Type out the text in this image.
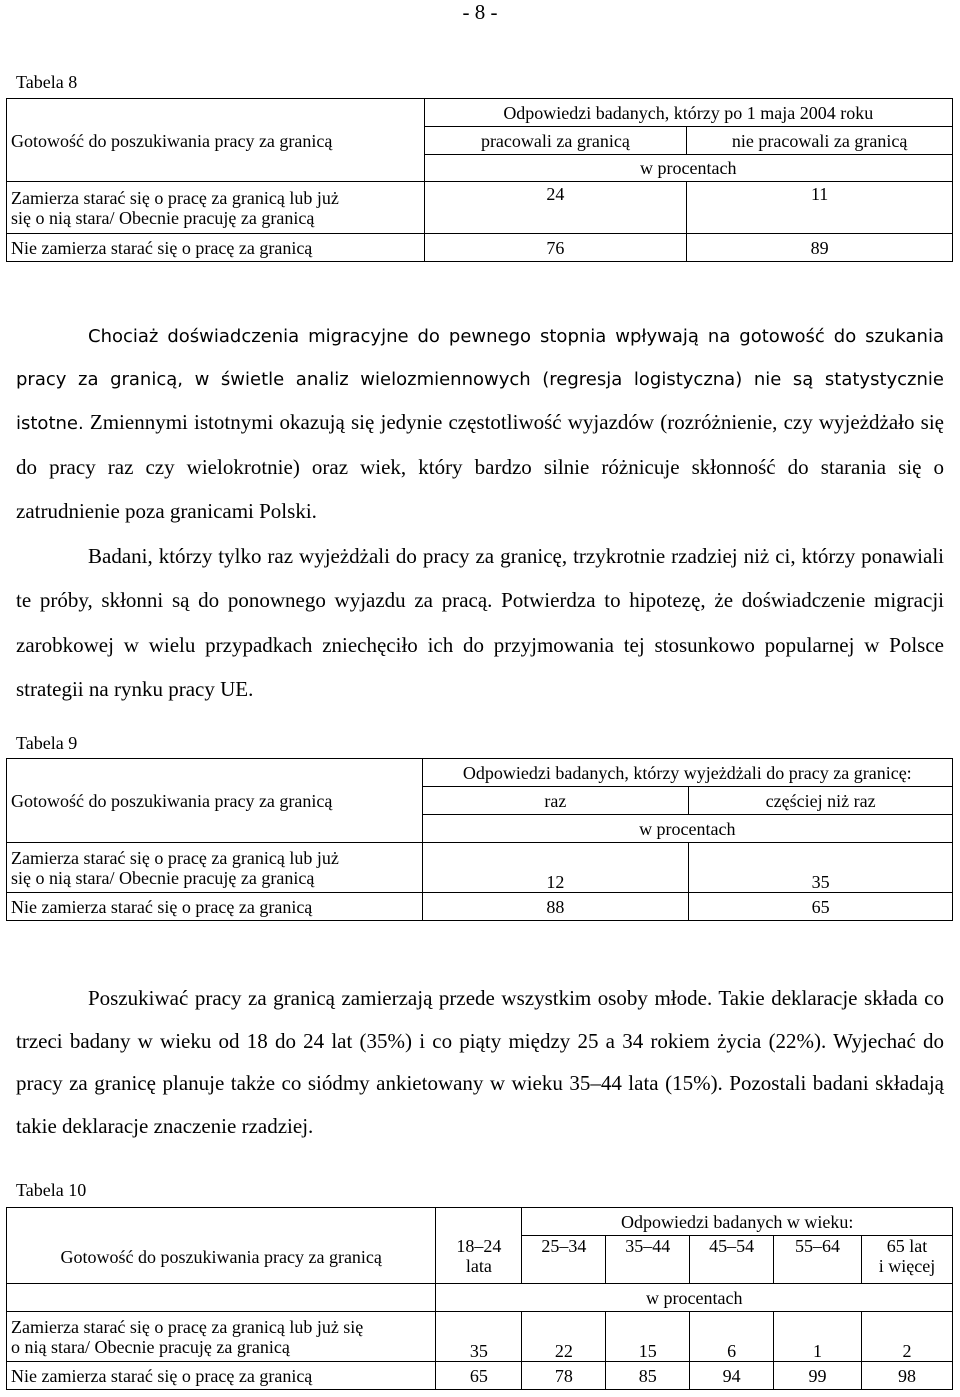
- 8 -
Tabela 8
	Odpowiedzi badanych, którzy po 1 maja 2004 roku	
Gotowość do poszukiwania pracy za granicą	pracowali za granicą	nie pracowali za granicą
	w procentach	
Zamierza starać się o pracę za granicą lub już
się o nią stara/ Obecnie pracuję za granicą	24	11
Nie zamierza starać się o pracę za granicą	76	89

Chociaż doświadczenia migracyjne do pewnego stopnia wpływają na gotowość do szukania pracy za granicą, w świetle analiz wielozmiennowych (regresja logistyczna) nie są statystycznie istotne. Zmiennymi istotnymi okazują się jedynie częstotliwość wyjazdów (rozróżnienie, czy wyjeżdżało się do pracy raz czy wielokrotnie) oraz wiek, który bardzo silnie różnicuje skłonność do starania się o zatrudnienie poza granicami Polski.
Badani, którzy tylko raz wyjeżdżali do pracy za granicę, trzykrotnie rzadziej niż ci, którzy ponawiali te próby, skłonni są do ponownego wyjazdu za pracą. Potwierdza to hipotezę, że doświadczenie migracji zarobkowej w wielu przypadkach zniechęciło ich do przyjmowania tej stosunkowo popularnej w Polsce strategii na rynku pracy UE.

Tabela 9
	Odpowiedzi badanych, którzy wyjeżdżali do pracy za granicę:	
Gotowość do poszukiwania pracy za granicą	raz	częściej niż raz
	w procentach	
Zamierza starać się o pracę za granicą lub już
się o nią stara/ Obecnie pracuję za granicą	12	35
Nie zamierza starać się o pracę za granicą	88	65

Poszukiwać pracy za granicą zamierzają przede wszystkim osoby młode. Takie deklaracje składa co trzeci badany w wieku od 18 do 24 lat (35%) i co piąty między 25 a 34 rokiem życia (22%). Wyjechać do pracy za granicę planuje także co siódmy ankietowany w wieku 35–44 lata (15%). Pozostali badani składają takie deklaracje znaczenie rzadziej.

Tabela 10
Gotowość do poszukiwania pracy za granicą		Odpowiedzi badanych w wieku:				
	18–24
lata	25–34	35–44	45–54	55–64	65 lat
i więcej
	w procentach					
Zamierza starać się o pracę za granicą lub już się
o nią stara/ Obecnie pracuję za granicą	35	22	15	6	1	2
Nie zamierza starać się o pracę za granicą	65	78	85	94	99	98
